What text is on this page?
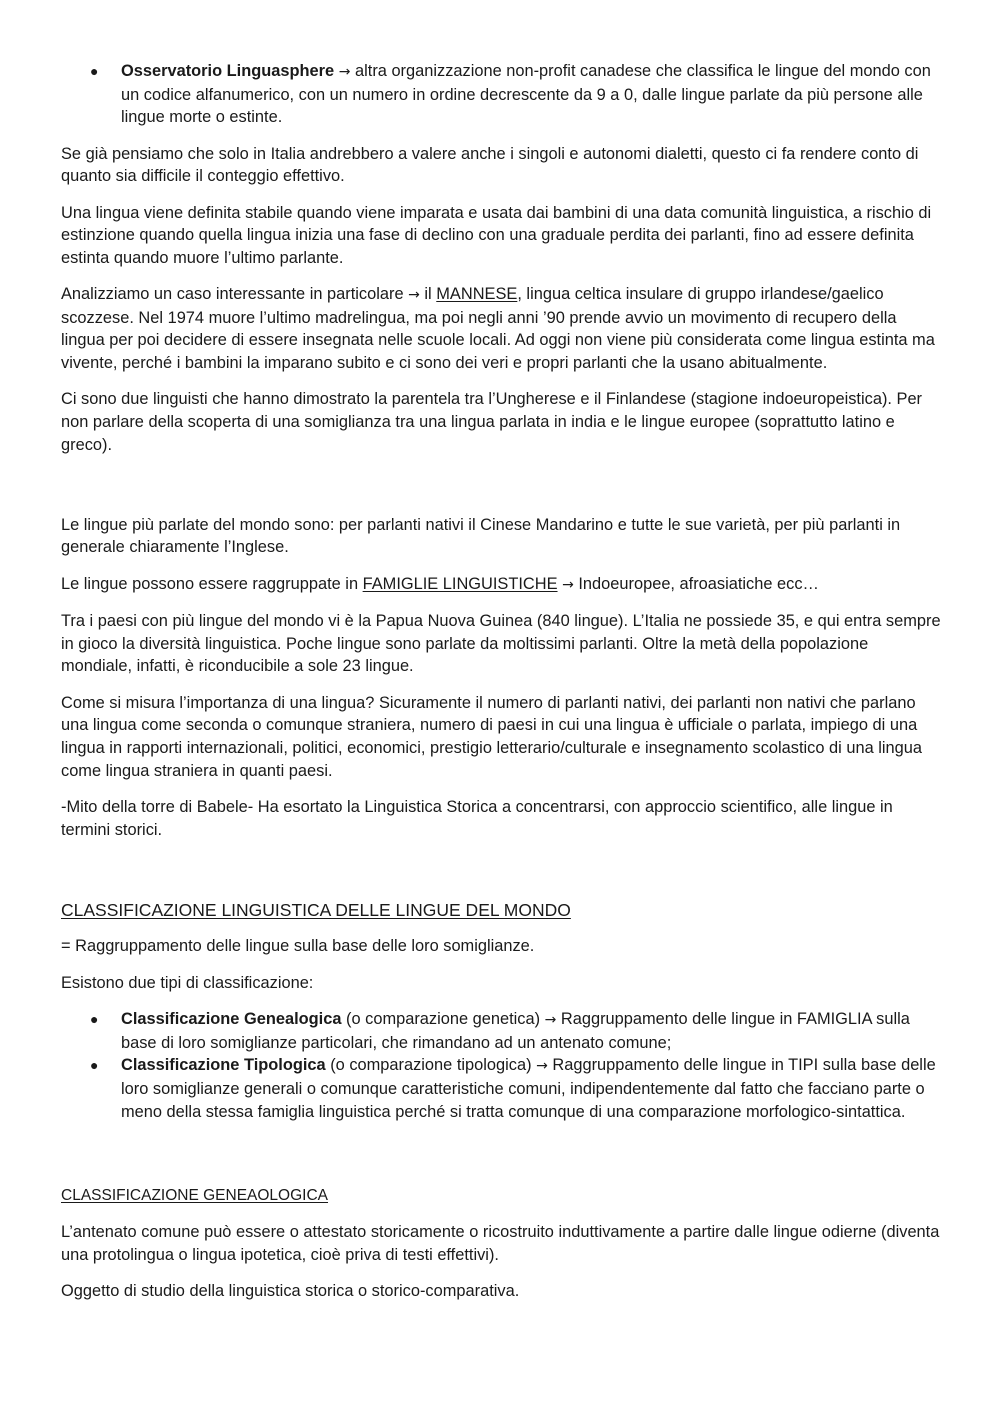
● Osservatorio Linguasphere → altra organizzazione non-profit canadese che classifica le lingue del mondo con un codice alfanumerico, con un numero in ordine decrescente da 9 a 0, dalle lingue parlate da più persone alle lingue morte o estinte.

Se già pensiamo che solo in Italia andrebbero a valere anche i singoli e autonomi dialetti, questo ci fa rendere conto di quanto sia difficile il conteggio effettivo.

Una lingua viene definita stabile quando viene imparata e usata dai bambini di una data comunità linguistica, a rischio di estinzione quando quella lingua inizia una fase di declino con una graduale perdita dei parlanti, fino ad essere definita estinta quando muore l’ultimo parlante.

Analizziamo un caso interessante in particolare → il MANNESE, lingua celtica insulare di gruppo irlandese/gaelico scozzese. Nel 1974 muore l’ultimo madrelingua, ma poi negli anni ’90 prende avvio un movimento di recupero della lingua per poi decidere di essere insegnata nelle scuole locali. Ad oggi non viene più considerata come lingua estinta ma vivente, perché i bambini la imparano subito e ci sono dei veri e propri parlanti che la usano abitualmente.

Ci sono due linguisti che hanno dimostrato la parentela tra l’Ungherese e il Finlandese (stagione indoeuropeistica). Per non parlare della scoperta di una somiglianza tra una lingua parlata in india e le lingue europee (soprattutto latino e greco).

Le lingue più parlate del mondo sono: per parlanti nativi il Cinese Mandarino e tutte le sue varietà, per più parlanti in generale chiaramente l’Inglese.

Le lingue possono essere raggruppate in FAMIGLIE LINGUISTICHE → Indoeuropee, afroasiatiche ecc…

Tra i paesi con più lingue del mondo vi è la Papua Nuova Guinea (840 lingue). L’Italia ne possiede 35, e qui entra sempre in gioco la diversità linguistica. Poche lingue sono parlate da moltissimi parlanti. Oltre la metà della popolazione mondiale, infatti, è riconducibile a sole 23 lingue.

Come si misura l’importanza di una lingua? Sicuramente il numero di parlanti nativi, dei parlanti non nativi che parlano una lingua come seconda o comunque straniera, numero di paesi in cui una lingua è ufficiale o parlata, impiego di una lingua in rapporti internazionali, politici, economici, prestigio letterario/culturale e insegnamento scolastico di una lingua come lingua straniera in quanti paesi.

-Mito della torre di Babele- Ha esortato la Linguistica Storica a concentrarsi, con approccio scientifico, alle lingue in termini storici.

CLASSIFICAZIONE LINGUISTICA DELLE LINGUE DEL MONDO

= Raggruppamento delle lingue sulla base delle loro somiglianze.

Esistono due tipi di classificazione:

● Classificazione Genealogica (o comparazione genetica) → Raggruppamento delle lingue in FAMIGLIA sulla base di loro somiglianze particolari, che rimandano ad un antenato comune;
● Classificazione Tipologica (o comparazione tipologica) → Raggruppamento delle lingue in TIPI sulla base delle loro somiglianze generali o comunque caratteristiche comuni, indipendentemente dal fatto che facciano parte o meno della stessa famiglia linguistica perché si tratta comunque di una comparazione morfologico-sintattica.

CLASSIFICAZIONE GENEAOLOGICA

L’antenato comune può essere o attestato storicamente o ricostruito induttivamente a partire dalle lingue odierne (diventa una protolingua o lingua ipotetica, cioè priva di testi effettivi).

Oggetto di studio della linguistica storica o storico-comparativa.
